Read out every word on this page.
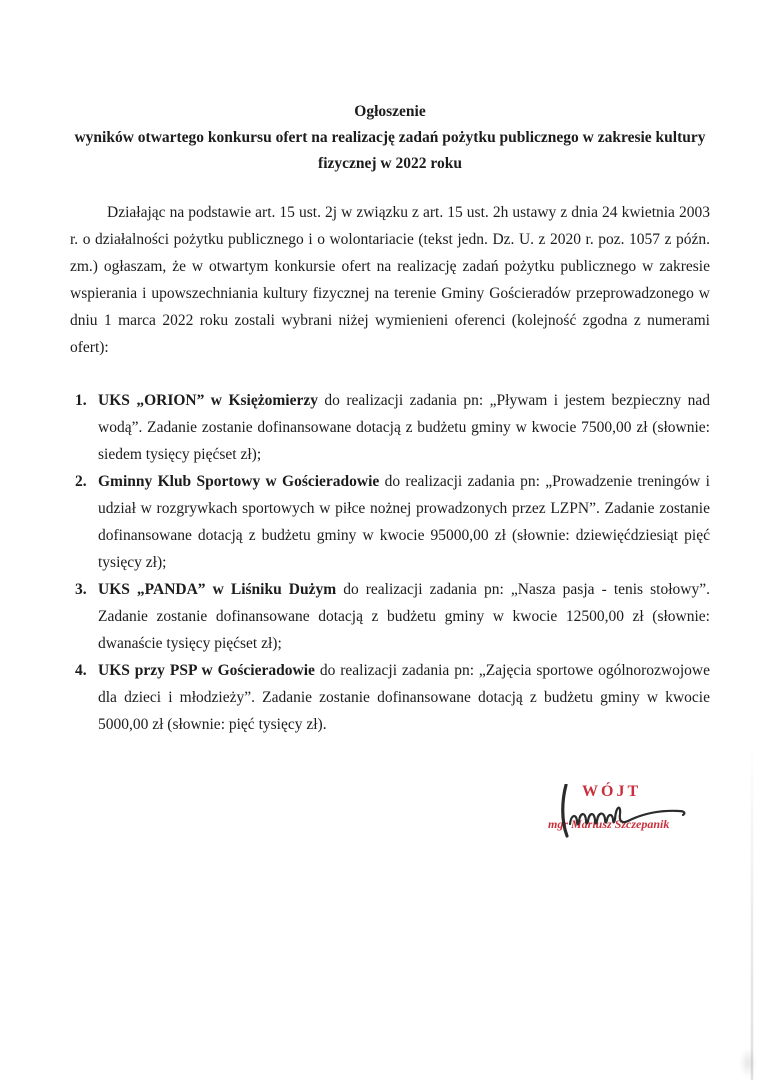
Ogłoszenie
wyników otwartego konkursu ofert na realizację zadań pożytku publicznego w zakresie kultury
fizycznej w 2022 roku

Działając na podstawie art. 15 ust. 2j w związku z art. 15 ust. 2h ustawy z dnia 24 kwietnia 2003 r. o działalności pożytku publicznego i o wolontariacie (tekst jedn. Dz. U. z 2020 r. poz. 1057 z późn. zm.) ogłaszam, że w otwartym konkursie ofert na realizację zadań pożytku publicznego w zakresie wspierania i upowszechniania kultury fizycznej na terenie Gminy Gościeradów przeprowadzonego w dniu 1 marca 2022 roku zostali wybrani niżej wymienieni oferenci (kolejność zgodna z numerami ofert):

1. UKS „ORION” w Księżomierzy do realizacji zadania pn: „Pływam i jestem bezpieczny nad wodą”. Zadanie zostanie dofinansowane dotacją z budżetu gminy w kwocie 7500,00 zł (słownie: siedem tysięcy pięćset zł);
2. Gminny Klub Sportowy w Gościeradowie do realizacji zadania pn: „Prowadzenie treningów i udział w rozgrywkach sportowych w piłce nożnej prowadzonych przez LZPN”. Zadanie zostanie dofinansowane dotacją z budżetu gminy w kwocie 95000,00 zł (słownie: dziewięćdziesiąt pięć tysięcy zł);
3. UKS „PANDA” w Liśniku Dużym do realizacji zadania pn: „Nasza pasja - tenis stołowy”. Zadanie zostanie dofinansowane dotacją z budżetu gminy w kwocie 12500,00 zł (słownie: dwanaście tysięcy pięćset zł);
4. UKS przy PSP w Gościeradowie do realizacji zadania pn: „Zajęcia sportowe ogólnorozwojowe dla dzieci i młodzieży”. Zadanie zostanie dofinansowane dotacją z budżetu gminy w kwocie 5000,00 zł (słownie: pięć tysięcy zł).
WÓJT
mgr Mariusz Szczepanik
